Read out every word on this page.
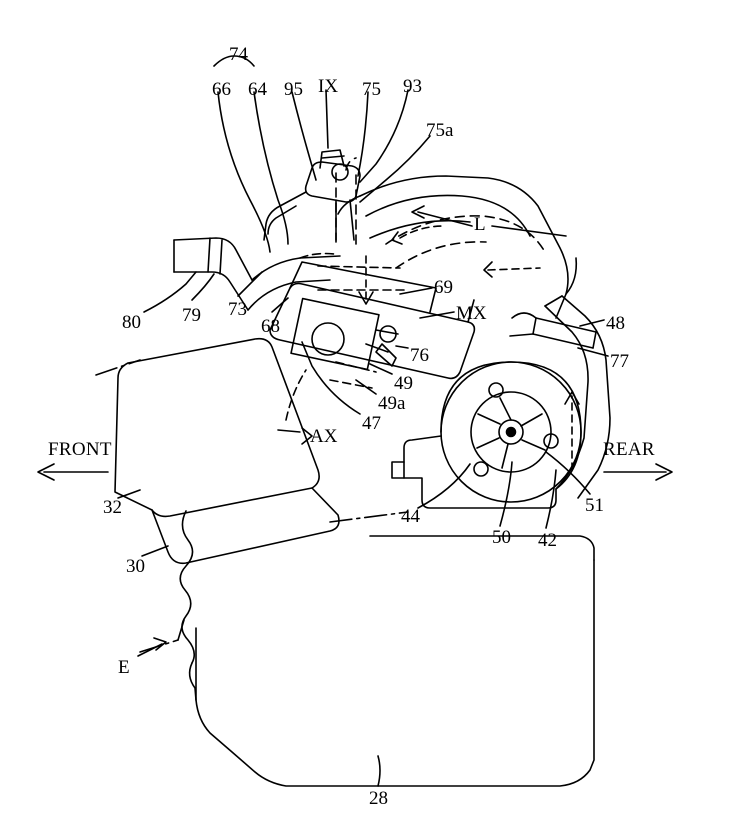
74
66 64 95 IX 75 93
75a
L
69
MX	48
77
80 79 73
68
76
49
49a
47
AX
32
30
E
44
50 42
51
28
FRONT	REAR
